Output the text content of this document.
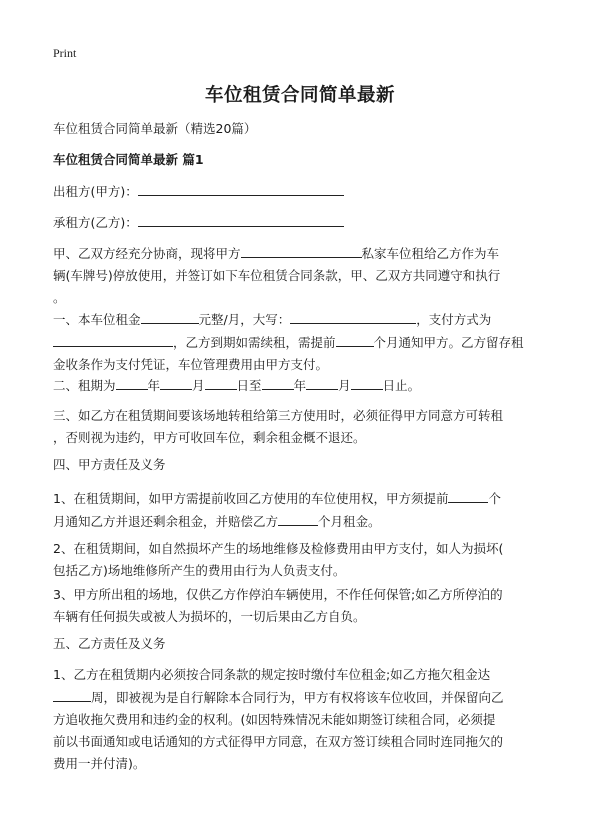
Print
车位租赁合同简单最新
车位租赁合同简单最新（精选20篇）
车位租赁合同简单最新 篇1
出租方(甲方)：
承租方(乙方)：
甲、乙双方经充分协商，现将甲方	私家车位租给乙方作为车
辆(车牌号)停放使用，并签订如下车位租赁合同条款，甲、乙双方共同遵守和执行
。
一、本车位租金	元整/月，大写：	，支付方式为
，乙方到期如需续租，需提前	个月通知甲方。乙方留存租
金收条作为支付凭证，车位管理费用由甲方支付。
二、租期为	年	月	日至	年	月	日止。
三、如乙方在租赁期间要该场地转租给第三方使用时，必须征得甲方同意方可转租
，否则视为违约，甲方可收回车位，剩余租金概不退还。
四、甲方责任及义务
1、在租赁期间，如甲方需提前收回乙方使用的车位使用权，甲方须提前	个
月通知乙方并退还剩余租金，并赔偿乙方	个月租金。
2、在租赁期间，如自然损坏产生的场地维修及检修费用由甲方支付，如人为损坏(
包括乙方)场地维修所产生的费用由行为人负责支付。
3、甲方所出租的场地，仅供乙方作停泊车辆使用，不作任何保管;如乙方所停泊的
车辆有任何损失或被人为损坏的，一切后果由乙方自负。
五、乙方责任及义务
1、乙方在租赁期内必须按合同条款的规定按时缴付车位租金;如乙方拖欠租金达
周，即被视为是自行解除本合同行为，甲方有权将该车位收回，并保留向乙
方追收拖欠费用和违约金的权利。(如因特殊情况未能如期签订续租合同，必须提
前以书面通知或电话通知的方式征得甲方同意，在双方签订续租合同时连同拖欠的
费用一并付清)。
